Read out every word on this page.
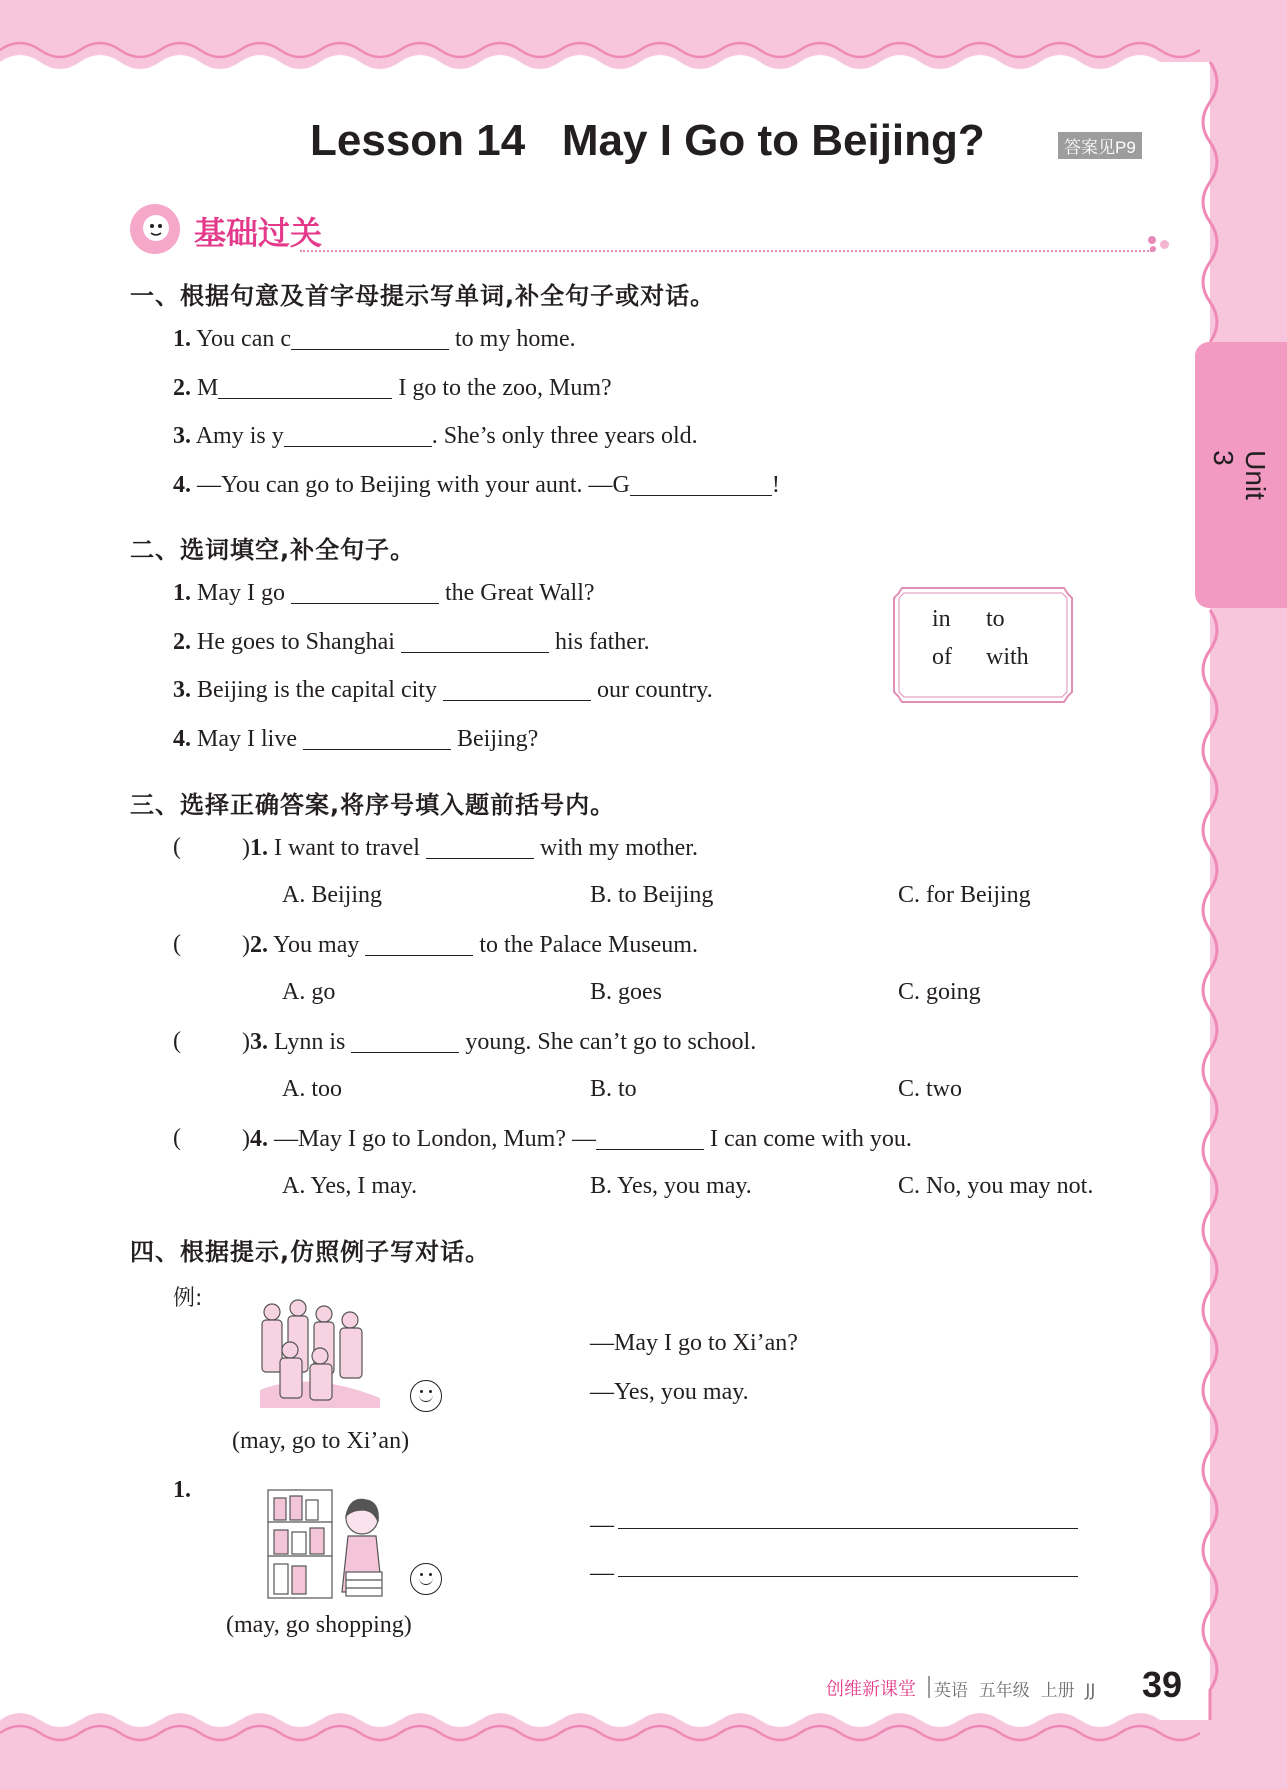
Lesson 14   May I Go to Beijing?	答案见P9
基础过关
Unit 3
一、根据句意及首字母提示写单词,补全句子或对话。
1. You can c	to my home.
2. M	I go to the zoo, Mum?
3. Amy is y	. She’s only three years old.
4. —You can go to Beijing with your aunt. —G	!
二、选词填空,补全句子。
1. May I go	the Great Wall?
2. He goes to Shanghai	his father.
3. Beijing is the capital city	our country.
4. May I live	Beijing?
in to
of with
三、选择正确答案,将序号填入题前括号内。
(	)1. I want to travel	with my mother.
A. Beijing	B. to Beijing	C. for Beijing
(	)2. You may	to the Palace Museum.
A. go	B. goes	C. going
(	)3. Lynn is	young. She can’t go to school.
A. too	B. to	C. two
(	)4. —May I go to London, Mum? —	I can come with you.
A. Yes, I may.	B. Yes, you may.	C. No, you may not.
四、根据提示,仿照例子写对话。
例:
(may, go to Xi’an)
—May I go to Xi’an?
—Yes, you may.
1.
(may, go shopping)
—
—
创维新课堂 英语  五年级  上册  JJ 39
